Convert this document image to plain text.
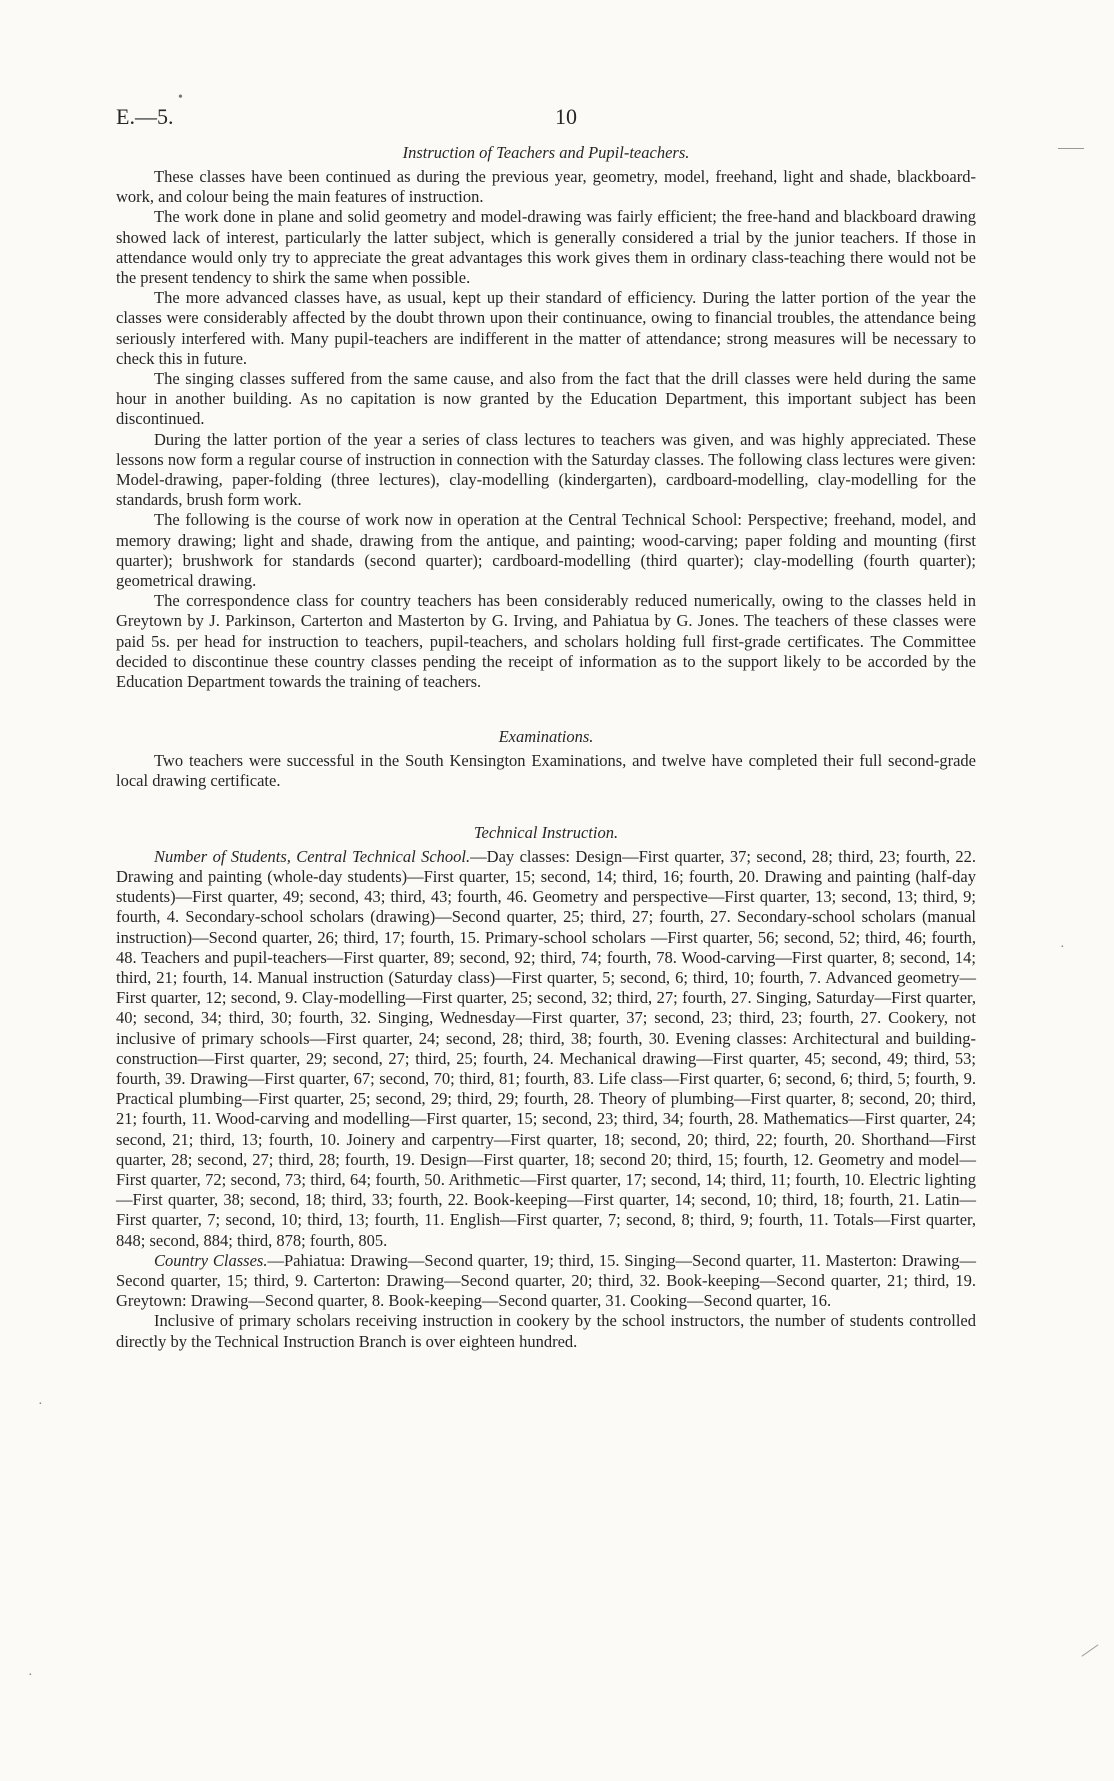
E.—5.	10
Instruction of Teachers and Pupil-teachers.

These classes have been continued as during the previous year, geometry, model, freehand, light and shade, blackboard-work, and colour being the main features of instruction.

The work done in plane and solid geometry and model-drawing was fairly efficient; the free-hand and blackboard drawing showed lack of interest, particularly the latter subject, which is generally considered a trial by the junior teachers. If those in attendance would only try to appreciate the great advantages this work gives them in ordinary class-teaching there would not be the present tendency to shirk the same when possible.

The more advanced classes have, as usual, kept up their standard of efficiency. During the latter portion of the year the classes were considerably affected by the doubt thrown upon their continuance, owing to financial troubles, the attendance being seriously interfered with. Many pupil-teachers are indifferent in the matter of attendance; strong measures will be necessary to check this in future.

The singing classes suffered from the same cause, and also from the fact that the drill classes were held during the same hour in another building. As no capitation is now granted by the Education Department, this important subject has been discontinued.

During the latter portion of the year a series of class lectures to teachers was given, and was highly appreciated. These lessons now form a regular course of instruction in connection with the Saturday classes. The following class lectures were given: Model-drawing, paper-folding (three lectures), clay-modelling (kindergarten), cardboard-modelling, clay-modelling for the standards, brush form work.

The following is the course of work now in operation at the Central Technical School: Perspective; freehand, model, and memory drawing; light and shade, drawing from the antique, and painting; wood-carving; paper folding and mounting (first quarter); brushwork for standards (second quarter); cardboard-modelling (third quarter); clay-modelling (fourth quarter); geometrical drawing.

The correspondence class for country teachers has been considerably reduced numerically, owing to the classes held in Greytown by J. Parkinson, Carterton and Masterton by G. Irving, and Pahiatua by G. Jones. The teachers of these classes were paid 5s. per head for instruction to teachers, pupil-teachers, and scholars holding full first-grade certificates. The Committee decided to discontinue these country classes pending the receipt of information as to the support likely to be accorded by the Education Department towards the training of teachers.

Examinations.

Two teachers were successful in the South Kensington Examinations, and twelve have completed their full second-grade local drawing certificate.

Technical Instruction.

Number of Students, Central Technical School.—Day classes: Design—First quarter, 37; second, 28; third, 23; fourth, 22. Drawing and painting (whole-day students)—First quarter, 15; second, 14; third, 16; fourth, 20. Drawing and painting (half-day students)—First quarter, 49; second, 43; third, 43; fourth, 46. Geometry and perspective—First quarter, 13; second, 13; third, 9; fourth, 4. Secondary-school scholars (drawing)—Second quarter, 25; third, 27; fourth, 27. Secondary-school scholars (manual instruction)—Second quarter, 26; third, 17; fourth, 15. Primary-school scholars —First quarter, 56; second, 52; third, 46; fourth, 48. Teachers and pupil-teachers—First quarter, 89; second, 92; third, 74; fourth, 78. Wood-carving—First quarter, 8; second, 14; third, 21; fourth, 14. Manual instruction (Saturday class)—First quarter, 5; second, 6; third, 10; fourth, 7. Advanced geometry—First quarter, 12; second, 9. Clay-modelling—First quarter, 25; second, 32; third, 27; fourth, 27. Singing, Saturday—First quarter, 40; second, 34; third, 30; fourth, 32. Singing, Wednesday—First quarter, 37; second, 23; third, 23; fourth, 27. Cookery, not inclusive of primary schools—First quarter, 24; second, 28; third, 38; fourth, 30. Evening classes: Architectural and building-construction—First quarter, 29; second, 27; third, 25; fourth, 24. Mechanical drawing—First quarter, 45; second, 49; third, 53; fourth, 39. Drawing—First quarter, 67; second, 70; third, 81; fourth, 83. Life class—First quarter, 6; second, 6; third, 5; fourth, 9. Practical plumbing—First quarter, 25; second, 29; third, 29; fourth, 28. Theory of plumbing—First quarter, 8; second, 20; third, 21; fourth, 11. Wood-carving and modelling—First quarter, 15; second, 23; third, 34; fourth, 28. Mathematics—First quarter, 24; second, 21; third, 13; fourth, 10. Joinery and carpentry—First quarter, 18; second, 20; third, 22; fourth, 20. Shorthand—First quarter, 28; second, 27; third, 28; fourth, 19. Design—First quarter, 18; second 20; third, 15; fourth, 12. Geometry and model—First quarter, 72; second, 73; third, 64; fourth, 50. Arithmetic—First quarter, 17; second, 14; third, 11; fourth, 10. Electric lighting—First quarter, 38; second, 18; third, 33; fourth, 22. Book-keeping—First quarter, 14; second, 10; third, 18; fourth, 21. Latin—First quarter, 7; second, 10; third, 13; fourth, 11. English—First quarter, 7; second, 8; third, 9; fourth, 11. Totals—First quarter, 848; second, 884; third, 878; fourth, 805.

Country Classes.—Pahiatua: Drawing—Second quarter, 19; third, 15. Singing—Second quarter, 11. Masterton: Drawing—Second quarter, 15; third, 9. Carterton: Drawing—Second quarter, 20; third, 32. Book-keeping—Second quarter, 21; third, 19. Greytown: Drawing—Second quarter, 8. Book-keeping—Second quarter, 31. Cooking—Second quarter, 16.

Inclusive of primary scholars receiving instruction in cookery by the school instructors, the number of students controlled directly by the Technical Instruction Branch is over eighteen hundred.

•
·
·
·
